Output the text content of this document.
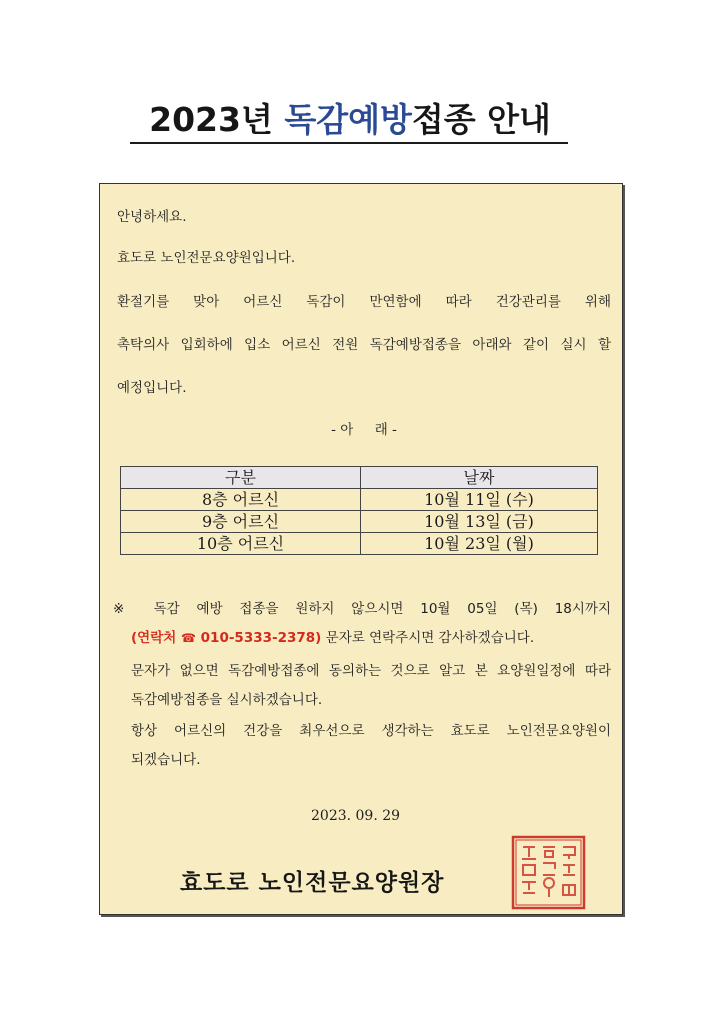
2023년 독감예방접종 안내
안녕하세요.
효도로 노인전문요양원입니다.
환절기를 맞아 어르신 독감이 만연함에 따라 건강관리를 위해
촉탁의사 입회하에 입소 어르신 전원 독감예방접종을 아래와 같이 실시 할
예정입니다.
- 아     래 -
구분	날짜
8층 어르신	10월 11일 (수)
9층 어르신	10월 13일 (금)
10층 어르신	10월 23일 (월)
※ 독감 예방 접종을 원하지 않으시면 10월 05일 (목) 18시까지
(연락처 ☎ 010-5333-2378) 문자로 연락주시면 감사하겠습니다.
문자가 없으면 독감예방접종에 동의하는 것으로 알고 본 요양원일정에 따라
독감예방접종을 실시하겠습니다.
항상 어르신의 건강을 최우선으로 생각하는 효도로 노인전문요양원이
되겠습니다.
2023. 09. 29
효도로 노인전문요양원장
